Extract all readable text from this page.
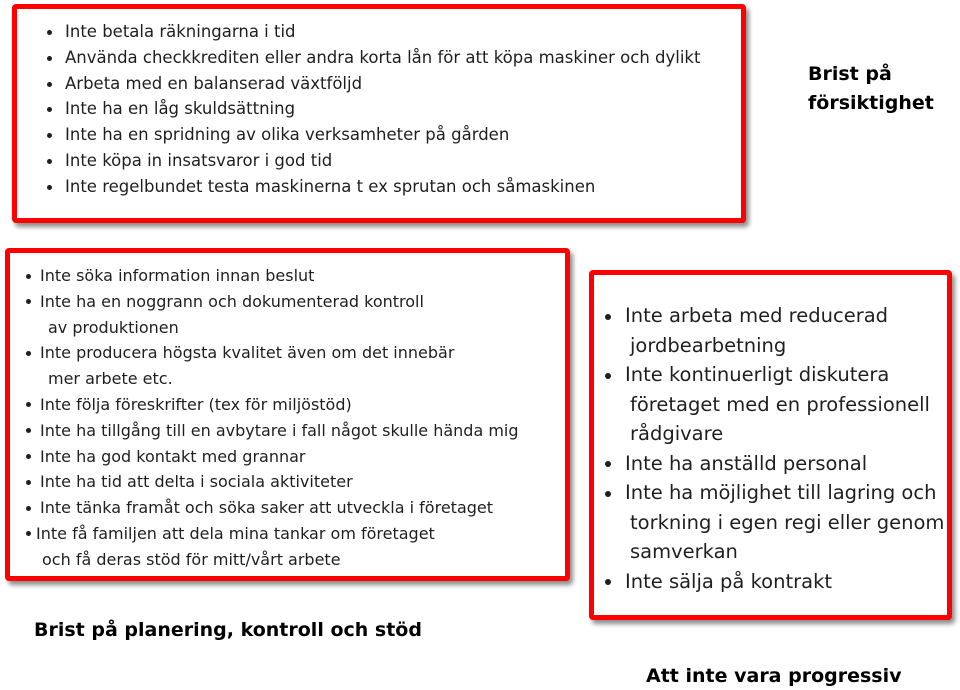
Inte betala räkningarna i tid
Använda checkkrediten eller andra korta lån för att köpa maskiner och dylikt
Arbeta med en balanserad växtföljd
Inte ha en låg skuldsättning
Inte ha en spridning av olika verksamheter på gården
Inte köpa in insatsvaror i god tid
Inte regelbundet testa maskinerna t ex sprutan och såmaskinen
Brist på
försiktighet
Inte söka information innan beslut
Inte ha en noggrann och dokumenterad kontroll
av produktionen
Inte producera högsta kvalitet även om det innebär
mer arbete etc.
Inte följa föreskrifter (tex för miljöstöd)
Inte ha tillgång till en avbytare i fall något skulle hända mig
Inte ha god kontakt med grannar
Inte ha tid att delta i sociala aktiviteter
Inte tänka framåt och söka saker att utveckla i företaget
Inte få familjen att dela mina tankar om företaget
och få deras stöd för mitt/vårt arbete
Brist på planering, kontroll och stöd
Inte arbeta med reducerad
jordbearbetning
Inte kontinuerligt diskutera
företaget med en professionell
rådgivare
Inte ha anställd personal
Inte ha möjlighet till lagring och
torkning i egen regi eller genom
samverkan
Inte sälja på kontrakt
Att inte vara progressiv
